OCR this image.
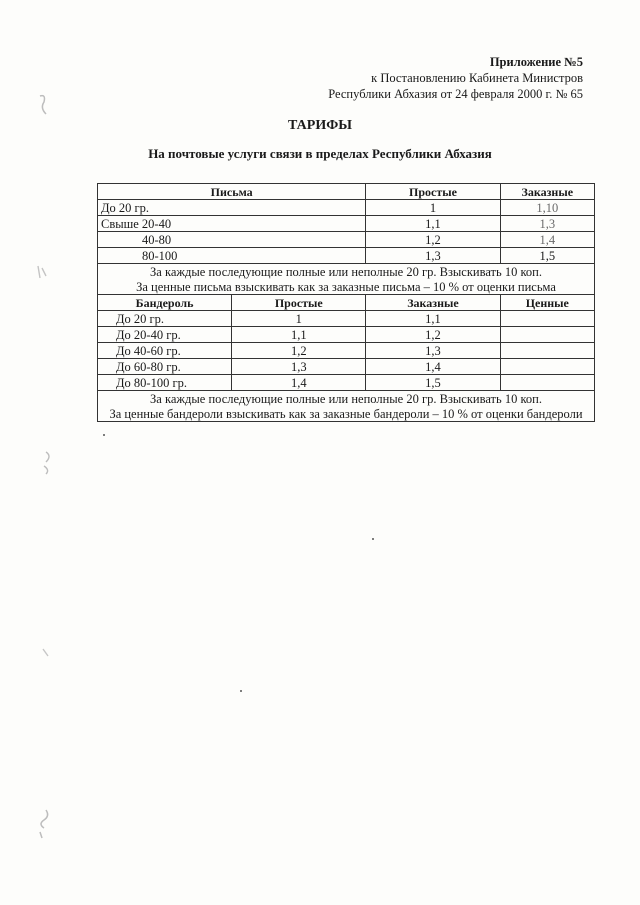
Приложение №5
к Постановлению Кабинета Министров
Республики Абхазия от 24 февраля 2000 г. № 65
ТАРИФЫ
На почтовые услуги связи в пределах Республики Абхазия
Письма		Простые	Заказные
До 20 гр.		1	1,10
Свыше 20-40		1,1	1,3
40-80		1,2	1,4
80-100		1,3	1,5
За каждые последующие полные или неполные 20 гр. Взыскивать 10 коп.			
За ценные письма взыскивать как за заказные письма – 10 % от оценки письма			
Бандероль	Простые	Заказные	Ценные
До 20 гр.	1	1,1	
До 20-40 гр.	1,1	1,2	
До 40-60 гр.	1,2	1,3	
До 60-80 гр.	1,3	1,4	
До 80-100 гр.	1,4	1,5	
За каждые последующие полные или неполные 20 гр. Взыскивать 10 коп.			
За ценные бандероли взыскивать как за заказные бандероли – 10 % от оценки бандероли			
